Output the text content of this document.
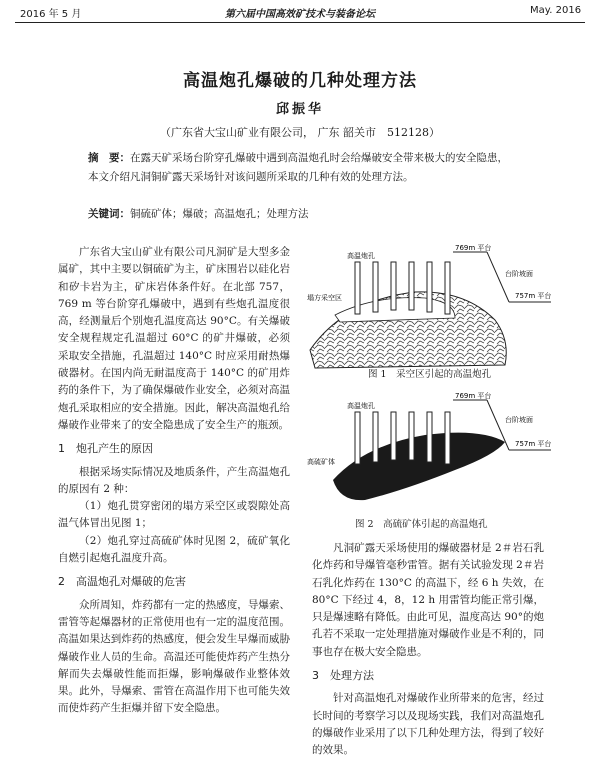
2016 年 5 月	第六届中国高效矿技术与装备论坛	May. 2016
高温炮孔爆破的几种处理方法
邱振华
（广东省大宝山矿业有限公司， 广东 韶关市　512128）
摘　要：在露天矿采场台阶穿孔爆破中遇到高温炮孔时会给爆破安全带来极大的安全隐患，本文介绍凡洞铜矿露天采场针对该问题所采取的几种有效的处理方法。
关键词：铜硫矿体；爆破；高温炮孔；处理方法

广东省大宝山矿业有限公司凡洞矿是大型多金属矿，其中主要以铜硫矿为主，矿床围岩以硅化岩和矽卡岩为主，矿床岩体条件好。在北部 757，769 m 等台阶穿孔爆破中，遇到有些炮孔温度很高，经测量后个别炮孔温度高达 90°C。有关爆破安全规程规定孔温超过 60°C 的矿井爆破，必须采取安全措施，孔温超过 140°C 时应采用耐热爆破器材。在国内尚无耐温度高于 140°C 的矿用炸药的条件下，为了确保爆破作业安全，必须对高温炮孔采取相应的安全措施。因此，解决高温炮孔给爆破作业带来了的安全隐患成了安全生产的瓶颈。

1　炮孔产生的原因

根据采场实际情况及地质条件，产生高温炮孔的原因有 2 种：

（1）炮孔贯穿密闭的塌方采空区或裂隙处高温气体冒出见图 1；

（2）炮孔穿过高硫矿体时见图 2，硫矿氧化自燃引起炮孔温度升高。

2　高温炮孔对爆破的危害

众所周知，炸药都有一定的热感度，导爆索、雷管等起爆器材的正常使用也有一定的温度范围。高温如果达到炸药的热感度，便会发生早爆而威胁爆破作业人员的生命。高温还可能使炸药产生热分解而失去爆破性能而拒爆，影响爆破作业整体效果。此外，导爆索、雷管在高温作用下也可能失效而使炸药产生拒爆并留下安全隐患。

769m 平台
台阶坡面
757m 平台
高温炮孔
塌方采空区
图 1　采空区引起的高温炮孔
769m 平台
台阶坡面
757m 平台
高温炮孔
高硫矿体
图 2　高硫矿体引起的高温炮孔

凡洞矿露天采场使用的爆破器材是 2＃岩石乳化炸药和导爆管毫秒雷管。据有关试验发现 2＃岩石乳化炸药在 130°C 的高温下，经 6 h 失效，在 80°C 下经过 4，8，12 h 用雷管均能正常引爆，只是爆速略有降低。由此可见，温度高达 90°的炮孔若不采取一定处理措施对爆破作业是不利的，同事也存在极大安全隐患。

3　处理方法

针对高温炮孔对爆破作业所带来的危害，经过长时间的考察学习以及现场实践，我们对高温炮孔的爆破作业采用了以下几种处理方法，得到了较好的效果。
